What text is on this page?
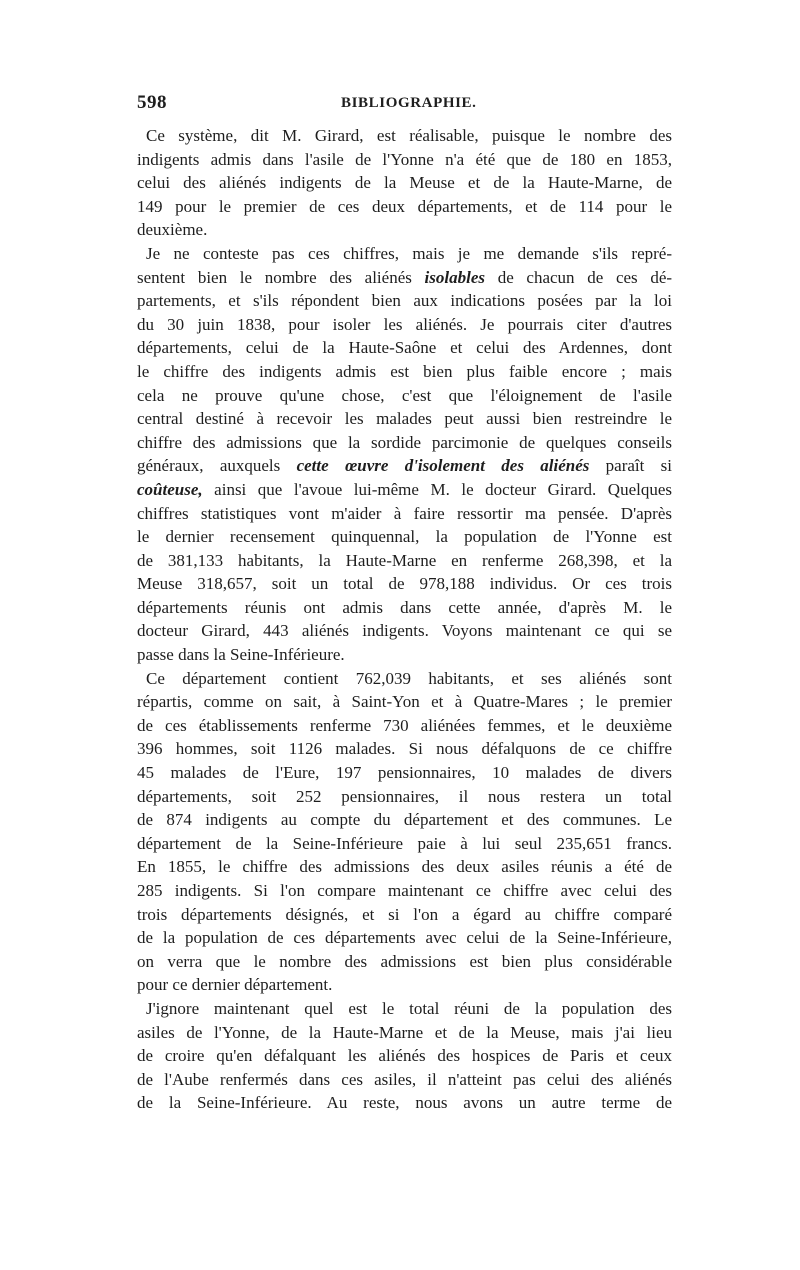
598	BIBLIOGRAPHIE.
Ce système, dit M. Girard, est réalisable, puisque le nombre des
indigents admis dans l'asile de l'Yonne n'a été que de 180 en 1853,
celui des aliénés indigents de la Meuse et de la Haute-Marne, de
149 pour le premier de ces deux départements, et de 114 pour le
deuxième.
Je ne conteste pas ces chiffres, mais je me demande s'ils repré-
sentent bien le nombre des aliénés isolables de chacun de ces dé-
partements, et s'ils répondent bien aux indications posées par la loi
du 30 juin 1838, pour isoler les aliénés. Je pourrais citer d'autres
départements, celui de la Haute-Saône et celui des Ardennes, dont
le chiffre des indigents admis est bien plus faible encore ; mais
cela ne prouve qu'une chose, c'est que l'éloignement de l'asile
central destiné à recevoir les malades peut aussi bien restreindre le
chiffre des admissions que la sordide parcimonie de quelques conseils
généraux, auxquels cette œuvre d'isolement des aliénés paraît si
coûteuse, ainsi que l'avoue lui-même M. le docteur Girard. Quelques
chiffres statistiques vont m'aider à faire ressortir ma pensée. D'après
le dernier recensement quinquennal, la population de l'Yonne est
de 381,133 habitants, la Haute-Marne en renferme 268,398, et la
Meuse 318,657, soit un total de 978,188 individus. Or ces trois
départements réunis ont admis dans cette année, d'après M. le
docteur Girard, 443 aliénés indigents. Voyons maintenant ce qui se
passe dans la Seine-Inférieure.
Ce département contient 762,039 habitants, et ses aliénés sont
répartis, comme on sait, à Saint-Yon et à Quatre-Mares ; le premier
de ces établissements renferme 730 aliénées femmes, et le deuxième
396 hommes, soit 1126 malades. Si nous défalquons de ce chiffre
45 malades de l'Eure, 197 pensionnaires, 10 malades de divers
départements, soit 252 pensionnaires, il nous restera un total
de 874 indigents au compte du département et des communes. Le
département de la Seine-Inférieure paie à lui seul 235,651 francs.
En 1855, le chiffre des admissions des deux asiles réunis a été de
285 indigents. Si l'on compare maintenant ce chiffre avec celui des
trois départements désignés, et si l'on a égard au chiffre comparé
de la population de ces départements avec celui de la Seine-Inférieure,
on verra que le nombre des admissions est bien plus considérable
pour ce dernier département.
J'ignore maintenant quel est le total réuni de la population des
asiles de l'Yonne, de la Haute-Marne et de la Meuse, mais j'ai lieu
de croire qu'en défalquant les aliénés des hospices de Paris et ceux
de l'Aube renfermés dans ces asiles, il n'atteint pas celui des aliénés
de la Seine-Inférieure. Au reste, nous avons un autre terme de
